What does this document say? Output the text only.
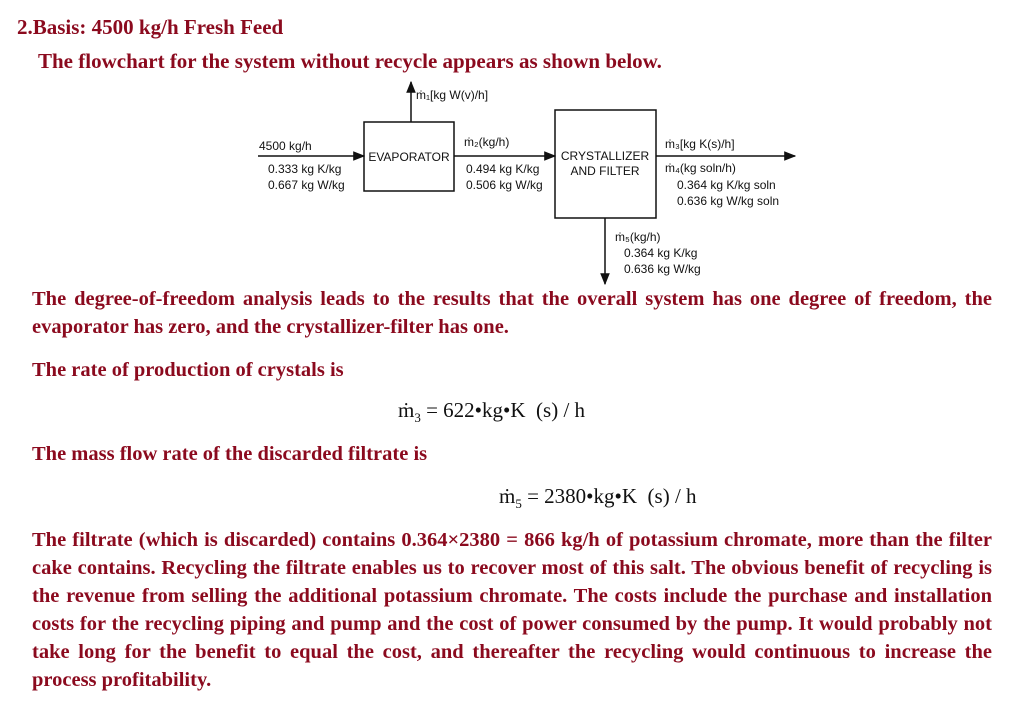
2.Basis: 4500 kg/h Fresh Feed
The flowchart for the system without recycle appears as shown below.
ṁ₁[kg W(v)/h]
4500 kg/h
0.333 kg K/kg
0.667 kg W/kg
EVAPORATOR
ṁ₂(kg/h)
0.494 kg K/kg
0.506 kg W/kg
CRYSTALLIZER
AND FILTER
ṁ₃[kg K(s)/h]
ṁ₄(kg soln/h)
0.364 kg K/kg soln
0.636 kg W/kg soln
ṁ₅(kg/h)
0.364 kg K/kg
0.636 kg W/kg
The degree-of-freedom analysis leads to the results that the overall system has one degree of freedom, the evaporator has zero, and the crystallizer-filter has one.
The rate of production of crystals is
ṁ$_3$ = 622•kg•K  (s) / h
The mass flow rate of the discarded filtrate is
ṁ$_5$ = 2380•kg•K  (s) / h
The filtrate (which is discarded) contains 0.364×2380 = 866 kg/h of potassium chromate, more than the filter cake contains. Recycling the filtrate enables us to recover most of this salt. The obvious benefit of recycling is the revenue from selling the additional potassium chromate. The costs include the purchase and installation costs for the recycling piping and pump and the cost of power consumed by the pump. It would probably not take long for the benefit to equal the cost, and thereafter the recycling would continuous to increase the process profitability.
